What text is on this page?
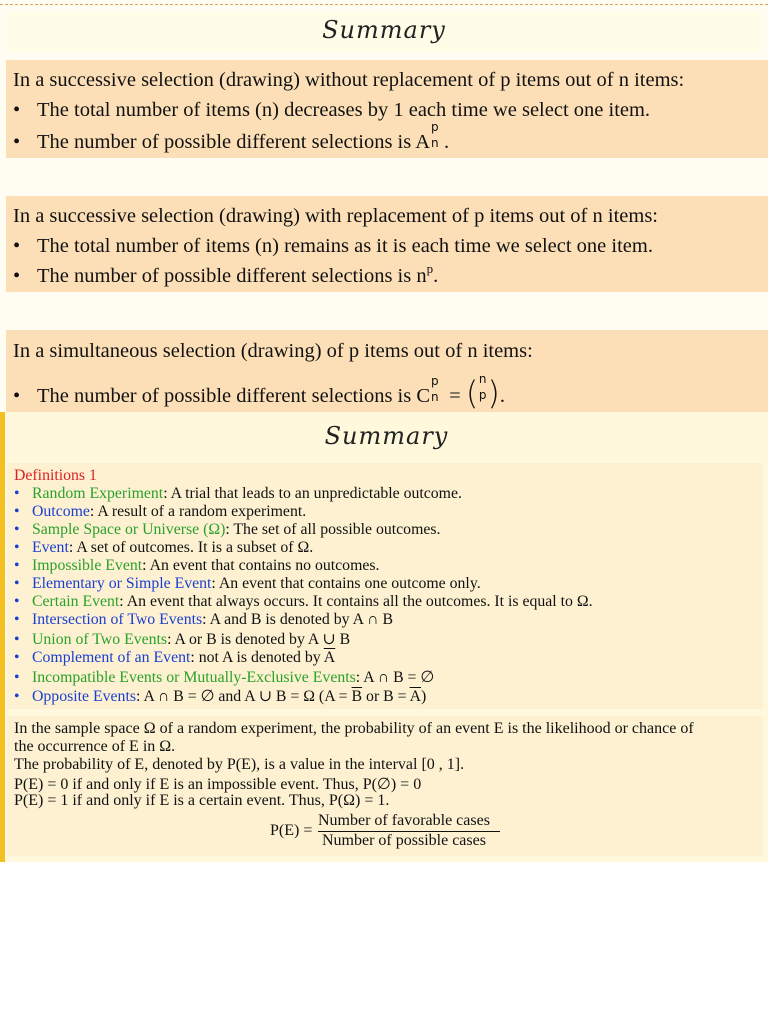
Summary
In a successive selection (drawing) without replacement of p items out of n items:
• The total number of items (n) decreases by 1 each time we select one item.
• The number of possible different selections is A
p
n .
In a successive selection (drawing) with replacement of p items out of n items:
• The total number of items (n) remains as it is each time we select one item.
• The number of possible different selections is $n^p$.
In a simultaneous selection (drawing) of p items out of n items:
• The number of possible different selections is C
p
n = ( n
p ) .
Summary
Definitions 1
• Random Experiment: A trial that leads to an unpredictable outcome.
• Outcome: A result of a random experiment.
• Sample Space or Universe (Ω): The set of all possible outcomes.
• Event: A set of outcomes. It is a subset of Ω.
• Impossible Event: An event that contains no outcomes.
• Elementary or Simple Event: An event that contains one outcome only.
• Certain Event: An event that always occurs. It contains all the outcomes. It is equal to Ω.
• Intersection of Two Events: A and B is denoted by A ∩ B
• Union of Two Events: A or B is denoted by A ∪ B
• Complement of an Event: not A is denoted by $\overline{A}$
• Incompatible Events or Mutually-Exclusive Events: A ∩ B = ∅
• Opposite Events: A ∩ B = ∅ and A ∪ B = Ω ($A = \overline{B}$ or $B = \overline{A}$)
In the sample space Ω of a random experiment, the probability of an event E is the likelihood or chance of
the occurrence of E in Ω.
The probability of E, denoted by P(E), is a value in the interval [0 , 1].
P(E) = 0 if and only if E is an impossible event. Thus, P(∅) = 0
P(E) = 1 if and only if E is a certain event. Thus, P(Ω) = 1.
P(E) =
Number of favorable cases
Number of possible cases
